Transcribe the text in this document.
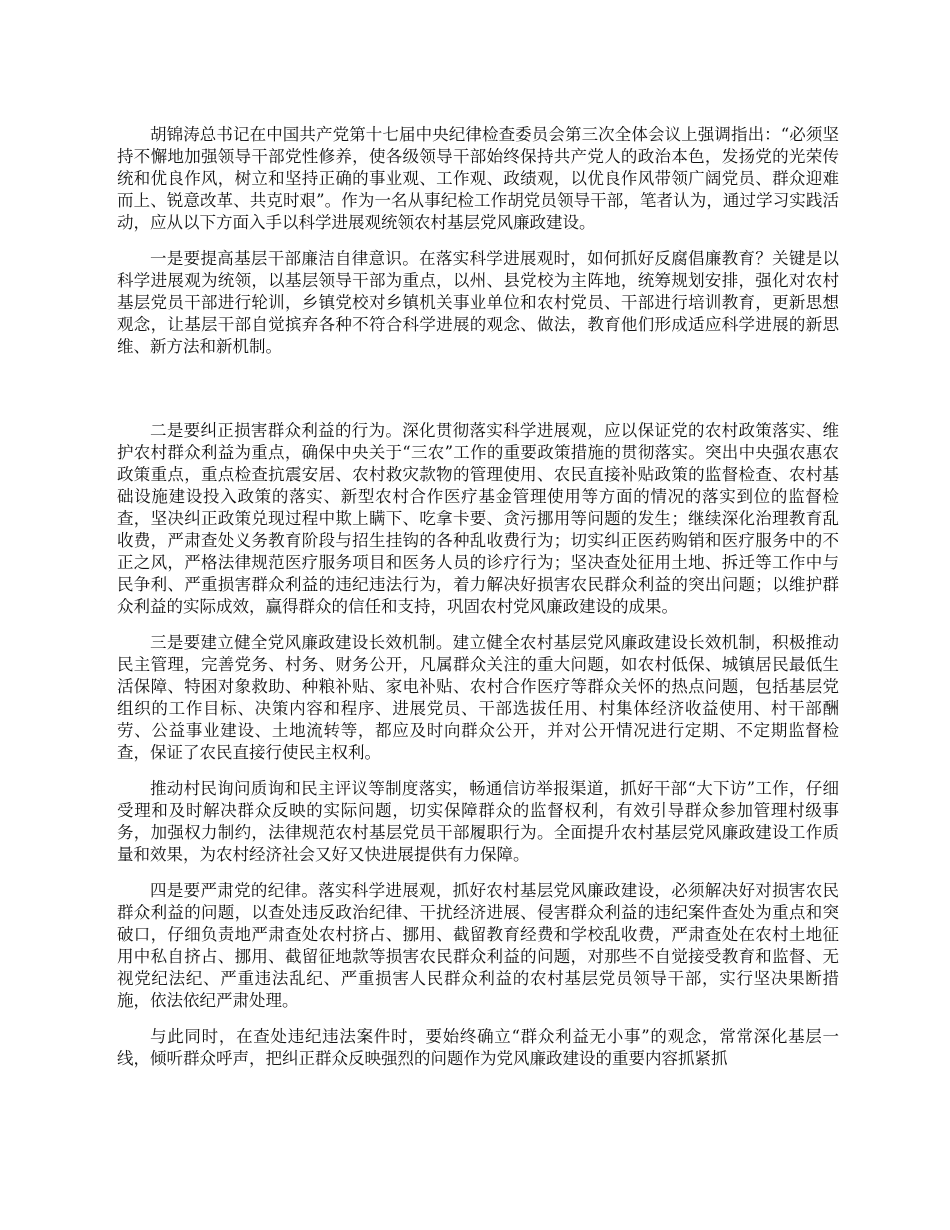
胡锦涛总书记在中国共产党第十七届中央纪律检查委员会第三次全体会议上强调指出：“必须坚持不懈地加强领导干部党性修养，使各级领导干部始终保持共产党人的政治本色，发扬党的光荣传统和优良作风，树立和坚持正确的事业观、工作观、政绩观，以优良作风带领广阔党员、群众迎难而上、锐意改革、共克时艰”。作为一名从事纪检工作胡党员领导干部，笔者认为，通过学习实践活动，应从以下方面入手以科学进展观统领农村基层党风廉政建设。

一是要提高基层干部廉洁自律意识。在落实科学进展观时，如何抓好反腐倡廉教育？关键是以科学进展观为统领，以基层领导干部为重点，以州、县党校为主阵地，统筹规划安排，强化对农村基层党员干部进行轮训，乡镇党校对乡镇机关事业单位和农村党员、干部进行培训教育，更新思想观念，让基层干部自觉摈弃各种不符合科学进展的观念、做法，教育他们形成适应科学进展的新思维、新方法和新机制。

二是要纠正损害群众利益的行为。深化贯彻落实科学进展观，应以保证党的农村政策落实、维护农村群众利益为重点，确保中央关于“三农”工作的重要政策措施的贯彻落实。突出中央强农惠农政策重点，重点检查抗震安居、农村救灾款物的管理使用、农民直接补贴政策的监督检查、农村基础设施建设投入政策的落实、新型农村合作医疗基金管理使用等方面的情况的落实到位的监督检查，坚决纠正政策兑现过程中欺上瞒下、吃拿卡要、贪污挪用等问题的发生；继续深化治理教育乱收费，严肃查处义务教育阶段与招生挂钩的各种乱收费行为；切实纠正医药购销和医疗服务中的不正之风，严格法律规范医疗服务项目和医务人员的诊疗行为；坚决查处征用土地、拆迁等工作中与民争利、严重损害群众利益的违纪违法行为，着力解决好损害农民群众利益的突出问题；以维护群众利益的实际成效，赢得群众的信任和支持，巩固农村党风廉政建设的成果。

三是要建立健全党风廉政建设长效机制。建立健全农村基层党风廉政建设长效机制，积极推动民主管理，完善党务、村务、财务公开，凡属群众关注的重大问题，如农村低保、城镇居民最低生活保障、特困对象救助、种粮补贴、家电补贴、农村合作医疗等群众关怀的热点问题，包括基层党组织的工作目标、决策内容和程序、进展党员、干部选拔任用、村集体经济收益使用、村干部酬劳、公益事业建设、土地流转等，都应及时向群众公开，并对公开情况进行定期、不定期监督检查，保证了农民直接行使民主权利。

推动村民询问质询和民主评议等制度落实，畅通信访举报渠道，抓好干部“大下访”工作，仔细受理和及时解决群众反映的实际问题，切实保障群众的监督权利，有效引导群众参加管理村级事务，加强权力制约，法律规范农村基层党员干部履职行为。全面提升农村基层党风廉政建设工作质量和效果，为农村经济社会又好又快进展提供有力保障。

四是要严肃党的纪律。落实科学进展观，抓好农村基层党风廉政建设，必须解决好对损害农民群众利益的问题，以查处违反政治纪律、干扰经济进展、侵害群众利益的违纪案件查处为重点和突破口，仔细负责地严肃查处农村挤占、挪用、截留教育经费和学校乱收费，严肃查处在农村土地征用中私自挤占、挪用、截留征地款等损害农民群众利益的问题，对那些不自觉接受教育和监督、无视党纪法纪、严重违法乱纪、严重损害人民群众利益的农村基层党员领导干部，实行坚决果断措施，依法依纪严肃处理。

与此同时，在查处违纪违法案件时，要始终确立“群众利益无小事”的观念，常常深化基层一线，倾听群众呼声，把纠正群众反映强烈的问题作为党风廉政建设的重要内容抓紧抓
